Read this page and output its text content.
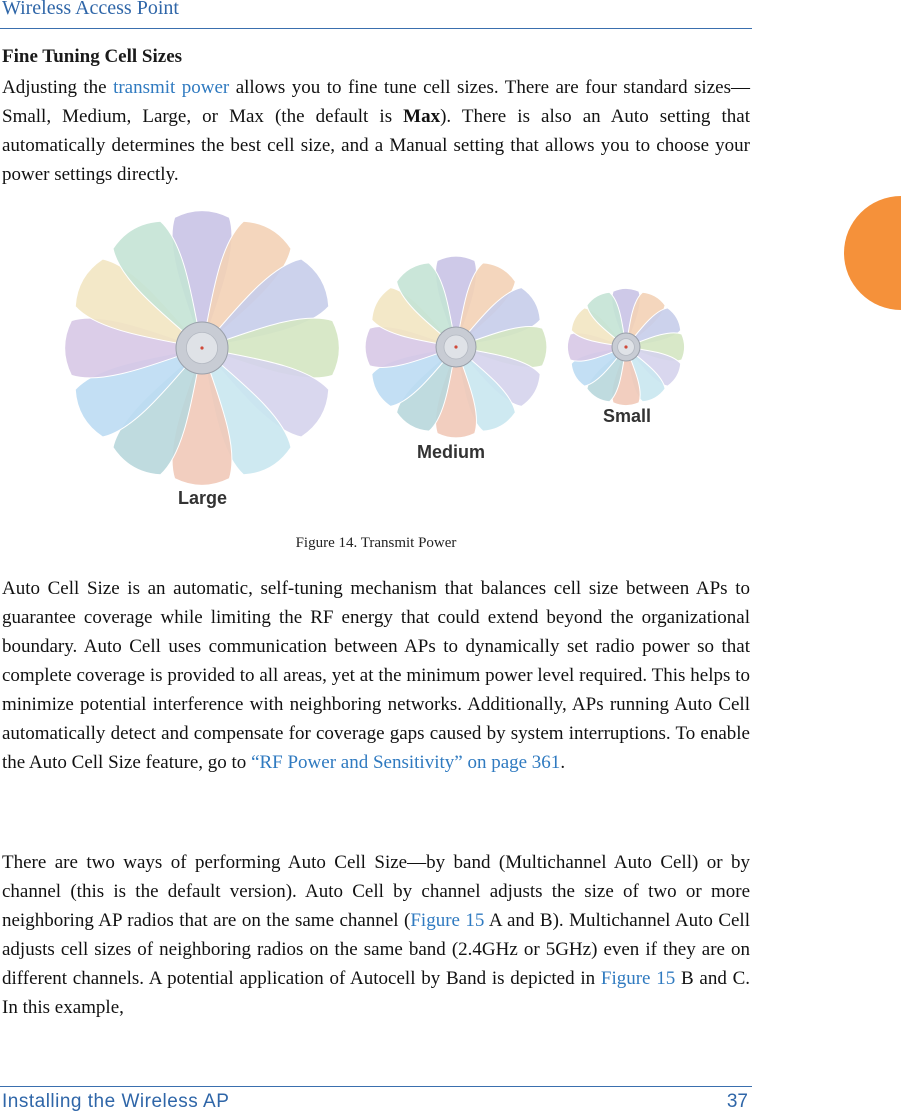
Wireless Access Point
Fine Tuning Cell Sizes

Adjusting the transmit power allows you to fine tune cell sizes. There are four standard sizes—Small, Medium, Large, or Max (the default is Max). There is also an Auto setting that automatically determines the best cell size, and a Manual setting that allows you to choose your power settings directly.

Large
Medium
Small
Figure 14. Transmit Power

Auto Cell Size is an automatic, self-tuning mechanism that balances cell size between APs to guarantee coverage while limiting the RF energy that could extend beyond the organizational boundary. Auto Cell uses communication between APs to dynamically set radio power so that complete coverage is provided to all areas, yet at the minimum power level required. This helps to minimize potential interference with neighboring networks. Additionally, APs running Auto Cell automatically detect and compensate for coverage gaps caused by system interruptions. To enable the Auto Cell Size feature, go to “RF Power and Sensitivity” on page 361.

There are two ways of performing Auto Cell Size—by band (Multichannel Auto Cell) or by channel (this is the default version). Auto Cell by channel adjusts the size of two or more neighboring AP radios that are on the same channel (Figure 15 A and B). Multichannel Auto Cell adjusts cell sizes of neighboring radios on the same band (2.4GHz or 5GHz) even if they are on different channels. A potential application of Autocell by Band is depicted in Figure 15 B and C. In this example,

Installing the Wireless AP	37
